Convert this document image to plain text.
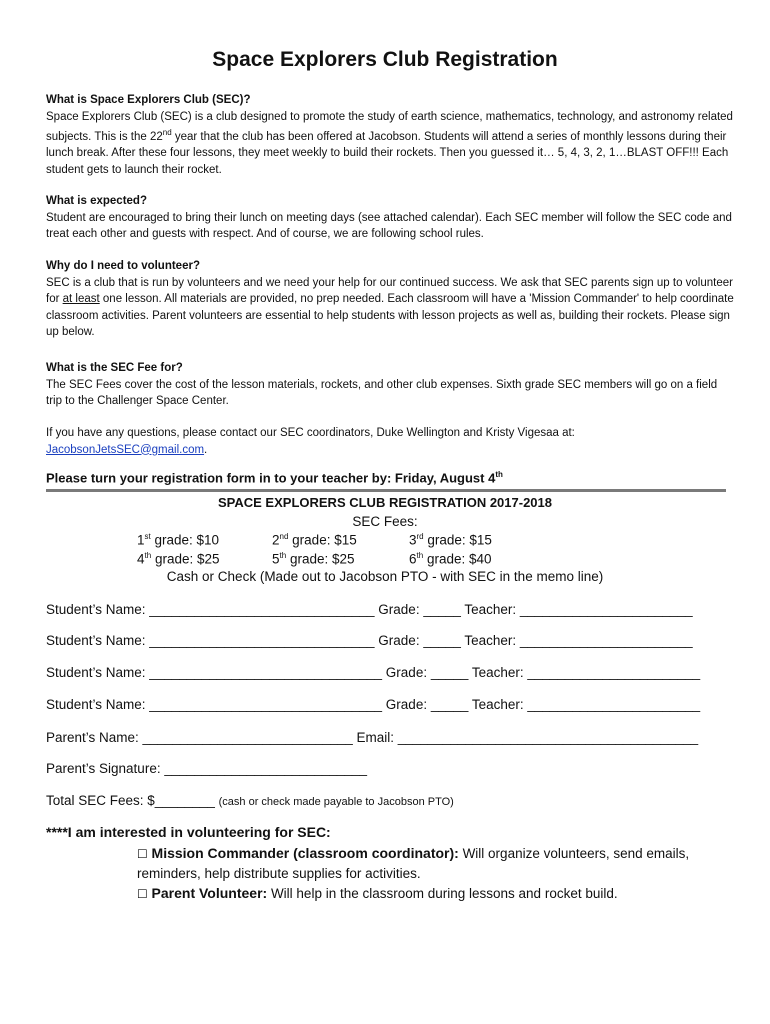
Space Explorers Club Registration
What is Space Explorers Club (SEC)?

Space Explorers Club (SEC) is a club designed to promote the study of earth science, mathematics, technology, and astronomy related subjects. This is the 22nd year that the club has been offered at Jacobson. Students will attend a series of monthly lessons during their lunch break. After these four lessons, they meet weekly to build their rockets. Then you guessed it… 5, 4, 3, 2, 1…BLAST OFF!!! Each student gets to launch their rocket.

What is expected?

Student are encouraged to bring their lunch on meeting days (see attached calendar). Each SEC member will follow the SEC code and treat each other and guests with respect. And of course, we are following school rules.

Why do I need to volunteer?

SEC is a club that is run by volunteers and we need your help for our continued success. We ask that SEC parents sign up to volunteer for at least one lesson. All materials are provided, no prep needed. Each classroom will have a 'Mission Commander' to help coordinate classroom activities. Parent volunteers are essential to help students with lesson projects as well as, building their rockets. Please sign up below.

What is the SEC Fee for?

The SEC Fees cover the cost of the lesson materials, rockets, and other club expenses. Sixth grade SEC members will go on a field trip to the Challenger Space Center.

If you have any questions, please contact our SEC coordinators, Duke Wellington and Kristy Vigesaa at:
JacobsonJetsSEC@gmail.com.

Please turn your registration form in to your teacher by: Friday, August 4th
SPACE EXPLORERS CLUB REGISTRATION 2017-2018
SEC Fees:
1st grade: $10	2nd grade: $15	3rd grade: $15
4th grade: $25	5th grade: $25	6th grade: $40
Cash or Check (Made out to Jacobson PTO - with SEC in the memo line)
Student’s Name: ______________________________ Grade: _____ Teacher: _______________________
Student’s Name: ______________________________ Grade: _____ Teacher: _______________________
Student’s Name: _______________________________ Grade: _____ Teacher: _______________________
Student’s Name: _______________________________ Grade: _____ Teacher: _______________________
Parent’s Name: ____________________________ Email: ________________________________________
Parent’s Signature: ___________________________
Total SEC Fees: $________ (cash or check made payable to Jacobson PTO)
****I am interested in volunteering for SEC:
☐ Mission Commander (classroom coordinator): Will organize volunteers, send emails, reminders, help distribute supplies for activities.
☐ Parent Volunteer: Will help in the classroom during lessons and rocket build.
